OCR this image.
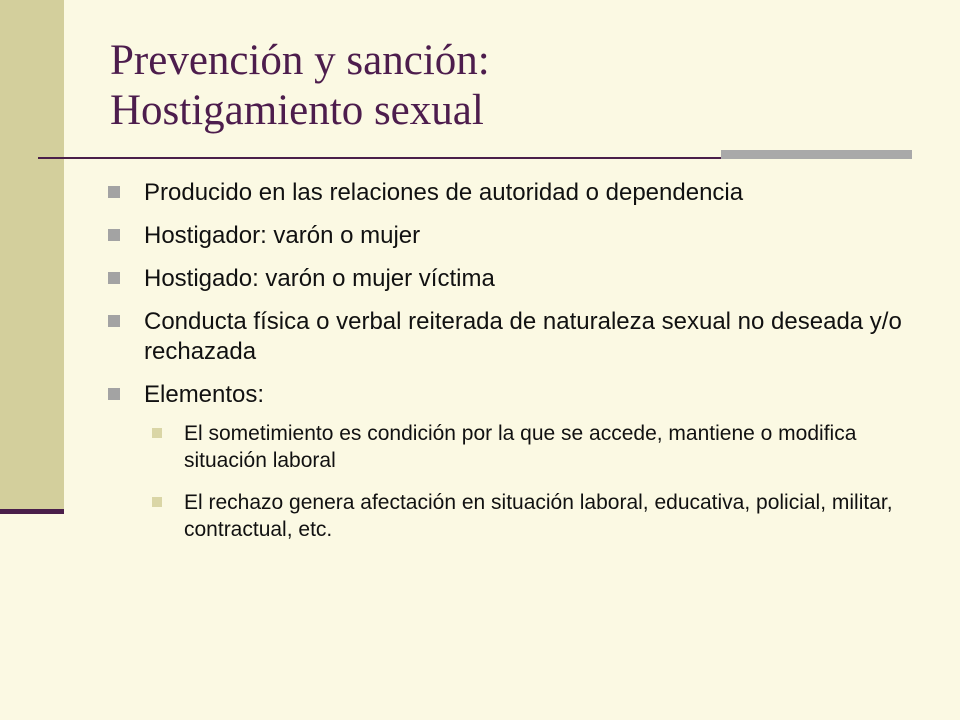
Prevención y sanción:
Hostigamiento sexual
Producido en las relaciones de autoridad o dependencia
Hostigador: varón o mujer
Hostigado: varón o mujer víctima
Conducta física o verbal reiterada de naturaleza sexual no deseada y/o rechazada
Elementos:
El sometimiento es condición por la que se accede, mantiene o modifica situación laboral
El rechazo genera afectación en situación laboral, educativa, policial, militar, contractual, etc.
